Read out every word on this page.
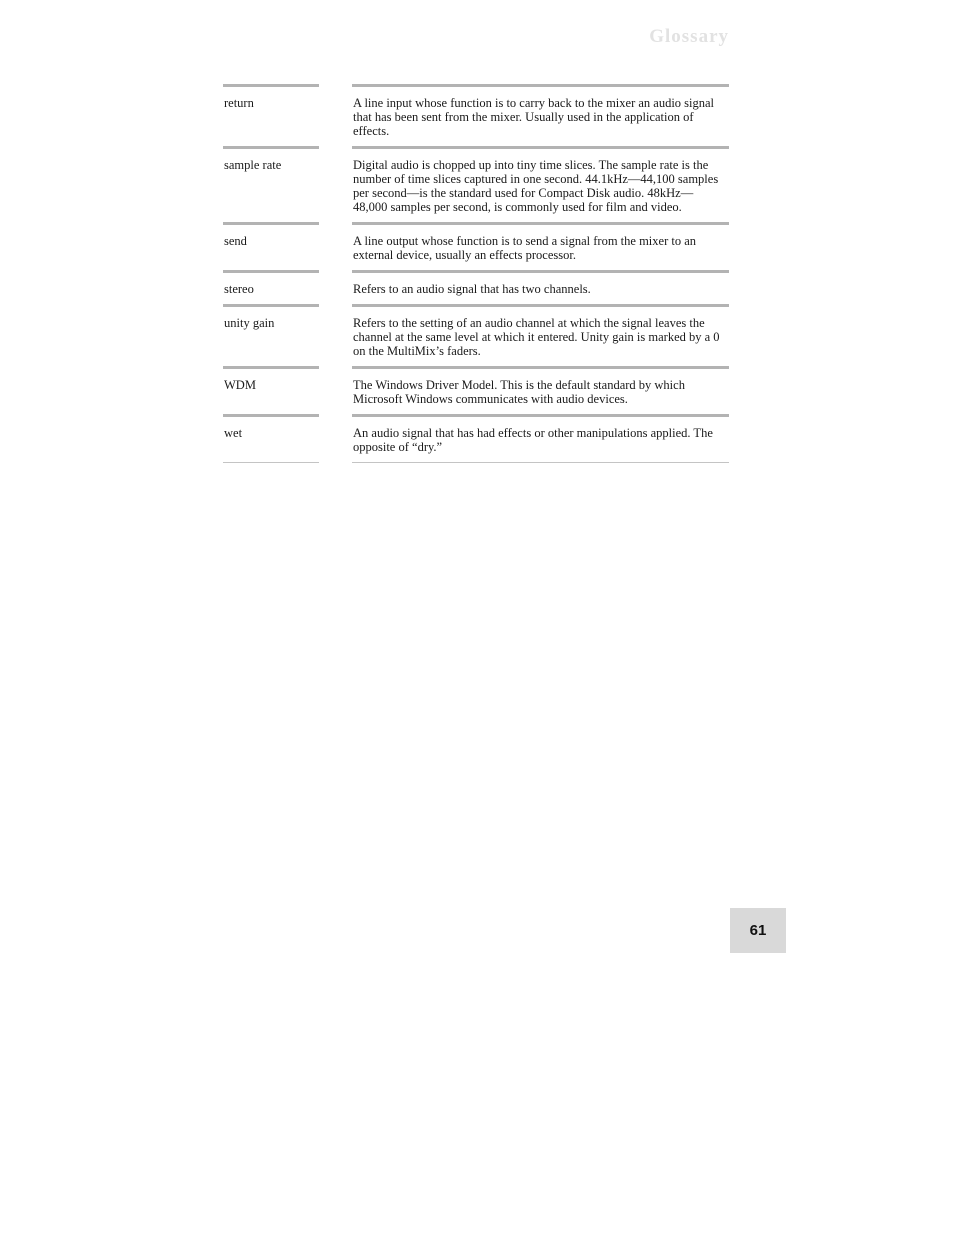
Glossary
return	A line input whose function is to carry back to the mixer an audio signal that has been sent from the mixer. Usually used in the application of effects.
sample rate	Digital audio is chopped up into tiny time slices. The sample rate is the number of time slices captured in one second. 44.1kHz—44,100 samples per second—is the standard used for Compact Disk audio. 48kHz—48,000 samples per second, is commonly used for film and video.
send	A line output whose function is to send a signal from the mixer to an external device, usually an effects processor.
stereo	Refers to an audio signal that has two channels.
unity gain	Refers to the setting of an audio channel at which the signal leaves the channel at the same level at which it entered. Unity gain is marked by a 0 on the MultiMix’s faders.
WDM	The Windows Driver Model. This is the default standard by which Microsoft Windows communicates with audio devices.
wet	An audio signal that has had effects or other manipulations applied. The opposite of “dry.”
61
